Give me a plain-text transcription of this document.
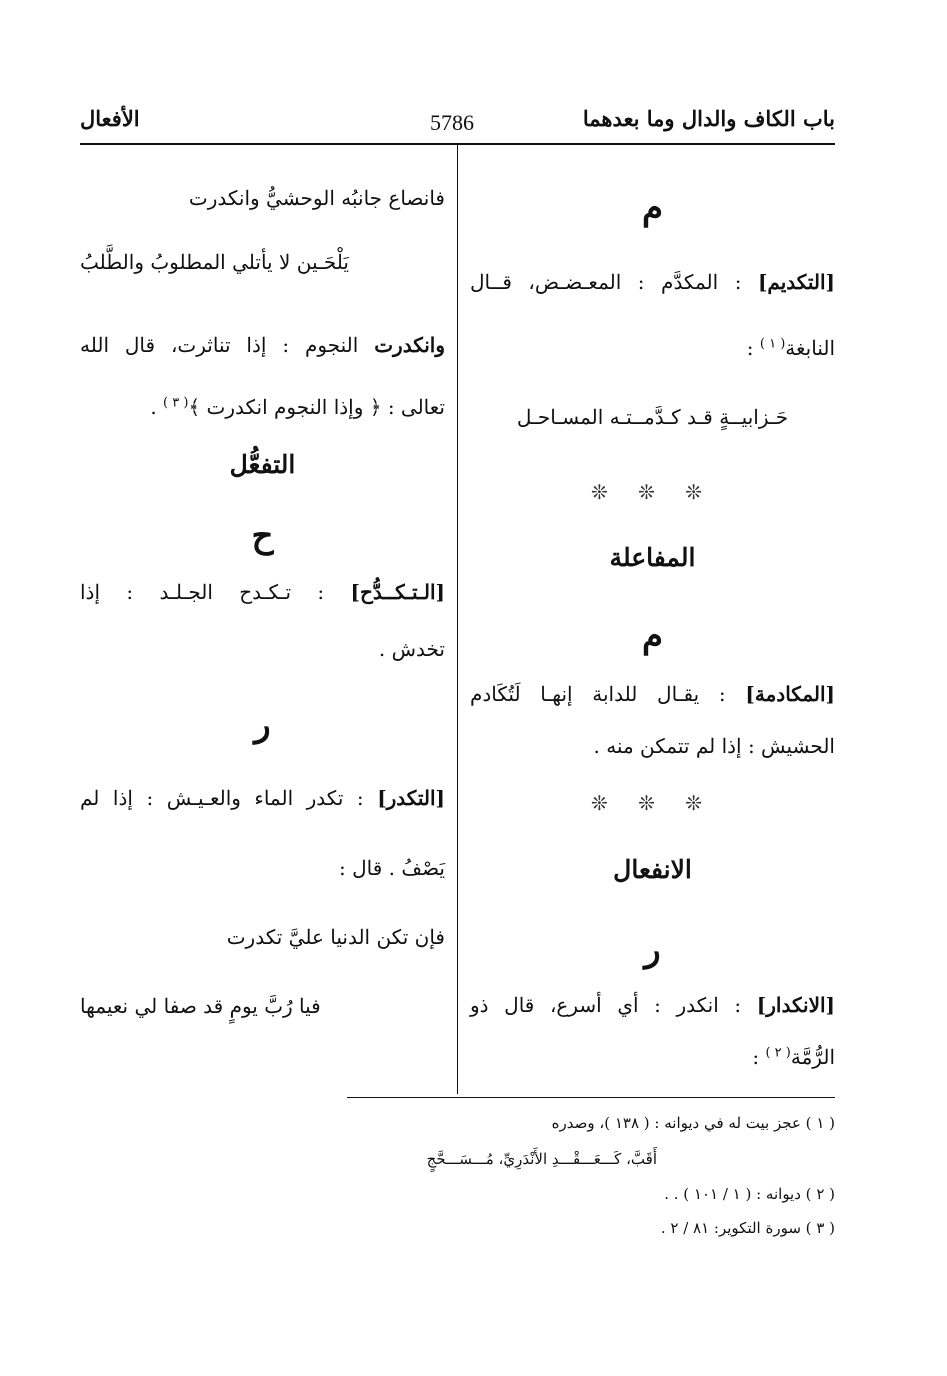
باب الكاف والدال وما بعدهما
5786
الأفعال
م
[التكديم] : المكدَّم : المعـضـض، قــال
النابغة$^{( ١ )}$ :
حَـزابيــةٍ قـد كـدَّمــتـه المسـاحـل
❊ ❊ ❊
المفاعلة
م
[المكادمة] : يقـال للدابة إنهـا لَتُكَادم
الحشيش : إذا لم تتمكن منه .
❊ ❊ ❊
الانفعال
ر
[الانكدار] : انكدر : أي أسرع، قال ذو
الرُّمَّة$^{( ٢ )}$ :
فانصاع جانبُه الوحشيُّ وانكدرت
يَلْحَـين لا يأتلي المطلوبُ والطَّلبُ
وانكدرت النجوم : إذا تناثرت، قال الله
تعالى : ﴿ وإذا النجوم انكدرت ﴾$^{( ٣ )}$ .
التفعُّل
ح
[الـتـكــدُّح] : تـكـدح الجـلـد : إذا
تخدش .
ر
[التكدر] : تكدر الماء والعـيـش : إذا لم
يَصْفُ . قال :
فإن تكن الدنيا عليَّ تكدرت
فيا رُبَّ يومٍ قد صفا لي نعيمها
( ١ ) عجز بيت له في ديوانه : ( ١٣٨ )، وصدره
أَقَبَّ، كَـــعَـــقْـــدِ الأَنْدَرِيِّ، مُـــسَـــحَّجٍ
( ٢ ) ديوانه : ( ١ / ١٠١ ) . .
( ٣ ) سورة التكوير: ٨١ / ٢ .
